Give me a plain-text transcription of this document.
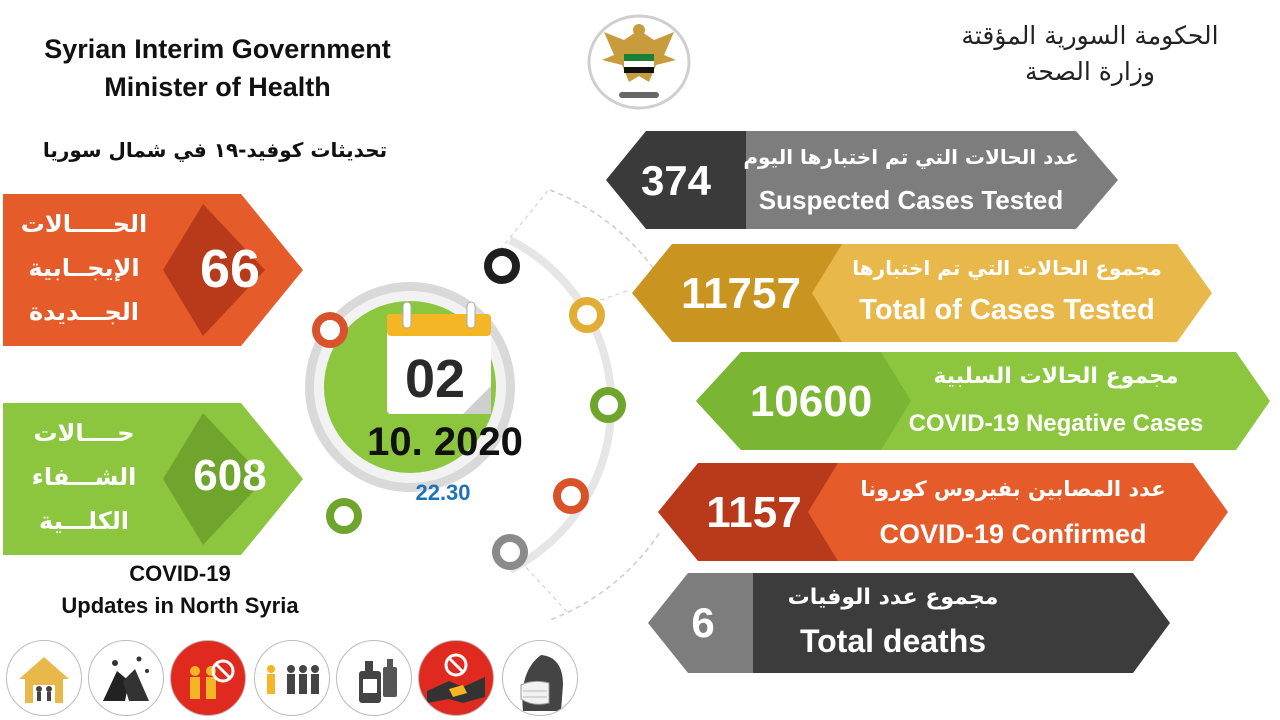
Syrian Interim Government
Minister of Health
الحكومة السورية المؤقتة
وزارة الصحة
تحديثات كوفيد-١٩ في شمال سوريا
الحـــــالات
الإيجــابية
الجـــديدة
66
حــــالات
الشـــفاء
الكلـــية
608
02
10. 2020
22.30
374	عدد الحالات التي تم اختبارها اليوم
Suspected Cases Tested
11757
مجموع الحالات التي تم اختبارها
Total of Cases Tested
10600
مجموع الحالات السلبية
COVID-19 Negative Cases
1157	عدد المصابين بفيروس كورونا
COVID-19 Confirmed
6
مجموع عدد الوفيات
Total deaths
COVID-19
Updates in North Syria
